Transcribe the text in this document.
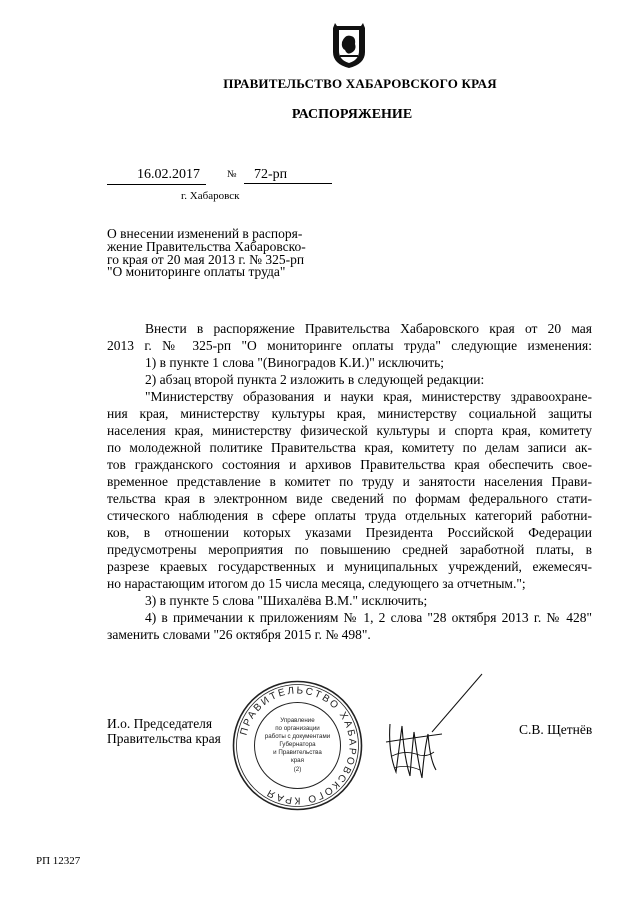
ПРАВИТЕЛЬСТВО ХАБАРОВСКОГО КРАЯ
РАСПОРЯЖЕНИЕ
16.02.2017	№	72-рп
г. Хабаровск
О внесении изменений в распоря-
жение Правительства Хабаровско-
го края от 20 мая 2013 г. № 325-рп
"О мониторинге оплаты труда"
Внести в распоряжение Правительства Хабаровского края от 20 мая
2013 г. № 325-рп "О мониторинге оплаты труда" следующие изменения:
1) в пункте 1 слова "(Виноградов К.И.)" исключить;
2) абзац второй пункта 2 изложить в следующей редакции:
"Министерству образования и науки края, министерству здравоохране-
ния края, министерству культуры края, министерству социальной защиты
населения края, министерству физической культуры и спорта края, комитету
по молодежной политике Правительства края, комитету по делам записи ак-
тов гражданского состояния и архивов Правительства края обеспечить свое-
временное представление в комитет по труду и занятости населения Прави-
тельства края в электронном виде сведений по формам федерального стати-
стического наблюдения в сфере оплаты труда отдельных категорий работни-
ков, в отношении которых указами Президента Российской Федерации
предусмотрены мероприятия по повышению средней заработной платы, в
разрезе краевых государственных и муниципальных учреждений, ежемесяч-
но нарастающим итогом до 15 числа месяца, следующего за отчетным.";
3) в пункте 5 слова "Шихалёва В.М." исключить;
4) в примечании к приложениям № 1, 2 слова "28 октября 2013 г. № 428"
заменить словами "26 октября 2015 г. № 498".
И.о. Председателя
Правительства края
ПРАВИТЕЛЬСТВО ХАБАРОВСКОГО КРАЯ
Управление
по организации
работы с документами
Губернатора
и Правительства
края
(2)
С.В. Щетнёв
РП 12327
